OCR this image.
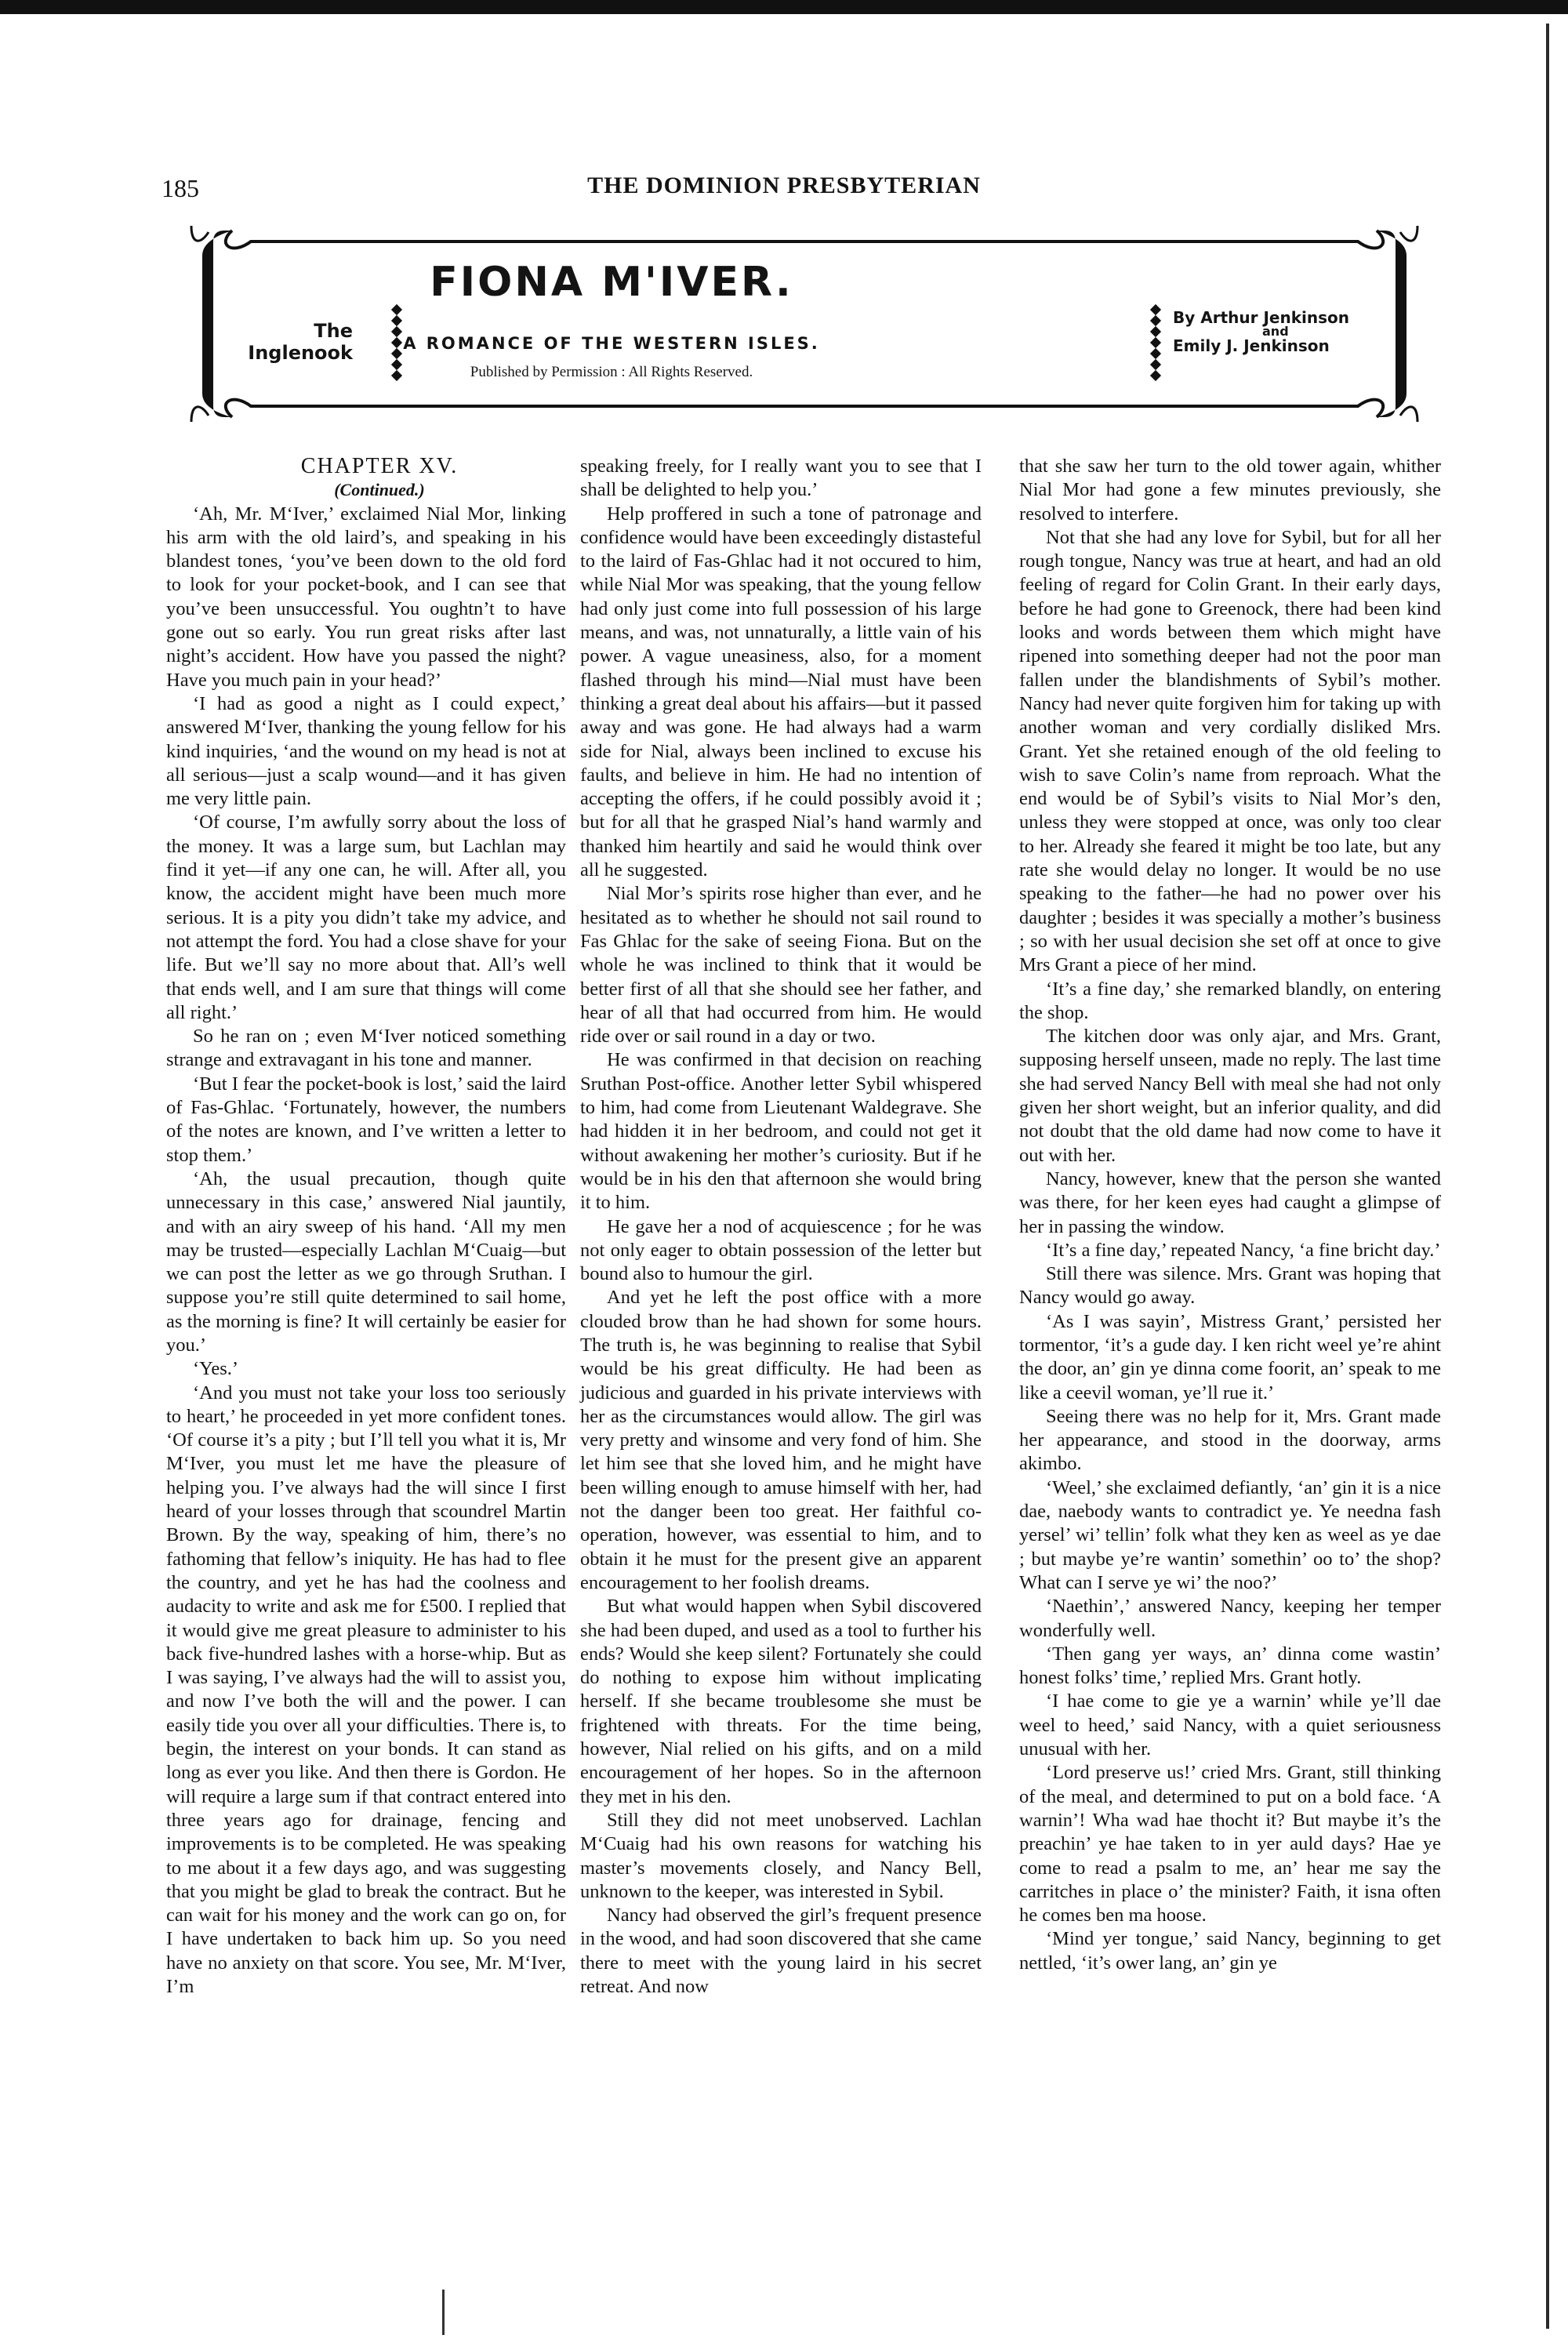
185	THE DOMINION PRESBYTERIAN
The
Inglenook
FIONA M'IVER.
A ROMANCE OF THE WESTERN ISLES.
Published by Permission : All Rights Reserved.
By Arthur Jenkinson
and
Emily J. Jenkinson

CHAPTER XV.

(Continued.)

‘Ah, Mr. M‘Iver,’ exclaimed Nial Mor, linking his arm with the old laird’s, and speaking in his blandest tones, ‘you’ve been down to the old ford to look for your pocket-book, and I can see that you’ve been unsuccessful. You oughtn’t to have gone out so early. You run great risks after last night’s accident. How have you passed the night? Have you much pain in your head?’

‘I had as good a night as I could expect,’ answered M‘Iver, thanking the young fellow for his kind inquiries, ‘and the wound on my head is not at all serious—just a scalp wound—and it has given me very little pain.

‘Of course, I’m awfully sorry about the loss of the money. It was a large sum, but Lachlan may find it yet—if any one can, he will. After all, you know, the accident might have been much more serious. It is a pity you didn’t take my advice, and not attempt the ford. You had a close shave for your life. But we’ll say no more about that. All’s well that ends well, and I am sure that things will come all right.’

So he ran on ; even M‘Iver noticed something strange and extravagant in his tone and manner.

‘But I fear the pocket-book is lost,’ said the laird of Fas-Ghlac. ‘Fortunately, however, the numbers of the notes are known, and I’ve written a letter to stop them.’

‘Ah, the usual precaution, though quite unnecessary in this case,’ answered Nial jauntily, and with an airy sweep of his hand. ‘All my men may be trusted—especially Lachlan M‘Cuaig—but we can post the letter as we go through Sruthan. I suppose you’re still quite determined to sail home, as the morning is fine? It will certainly be easier for you.’

‘Yes.’

‘And you must not take your loss too seriously to heart,’ he proceeded in yet more confident tones. ‘Of course it’s a pity ; but I’ll tell you what it is, Mr M‘Iver, you must let me have the pleasure of helping you. I’ve always had the will since I first heard of your losses through that scoundrel Martin Brown. By the way, speaking of him, there’s no fathoming that fellow’s iniquity. He has had to flee the country, and yet he has had the coolness and audacity to write and ask me for £500. I replied that it would give me great pleasure to administer to his back five-hundred lashes with a horse-whip. But as I was saying, I’ve always had the will to assist you, and now I’ve both the will and the power. I can easily tide you over all your difficulties. There is, to begin, the interest on your bonds. It can stand as long as ever you like. And then there is Gordon. He will require a large sum if that contract entered into three years ago for drainage, fencing and improvements is to be completed. He was speaking to me about it a few days ago, and was suggesting that you might be glad to break the contract. But he can wait for his money and the work can go on, for I have undertaken to back him up. So you need have no anxiety on that score. You see, Mr. M‘Iver, I’m

speaking freely, for I really want you to see that I shall be delighted to help you.’

Help proffered in such a tone of patronage and confidence would have been exceedingly distasteful to the laird of Fas-Ghlac had it not occured to him, while Nial Mor was speaking, that the young fellow had only just come into full possession of his large means, and was, not unnaturally, a little vain of his power. A vague uneasiness, also, for a moment flashed through his mind—Nial must have been thinking a great deal about his affairs—but it passed away and was gone. He had always had a warm side for Nial, always been inclined to excuse his faults, and believe in him. He had no intention of accepting the offers, if he could possibly avoid it ; but for all that he grasped Nial’s hand warmly and thanked him heartily and said he would think over all he suggested.

Nial Mor’s spirits rose higher than ever, and he hesitated as to whether he should not sail round to Fas Ghlac for the sake of seeing Fiona. But on the whole he was inclined to think that it would be better first of all that she should see her father, and hear of all that had occurred from him. He would ride over or sail round in a day or two.

He was confirmed in that decision on reaching Sruthan Post-office. Another letter Sybil whispered to him, had come from Lieutenant Waldegrave. She had hidden it in her bedroom, and could not get it without awakening her mother’s curiosity. But if he would be in his den that afternoon she would bring it to him.

He gave her a nod of acquiescence ; for he was not only eager to obtain possession of the letter but bound also to humour the girl.

And yet he left the post office with a more clouded brow than he had shown for some hours. The truth is, he was beginning to realise that Sybil would be his great difficulty. He had been as judicious and guarded in his private interviews with her as the circumstances would allow. The girl was very pretty and winsome and very fond of him. She let him see that she loved him, and he might have been willing enough to amuse himself with her, had not the danger been too great. Her faithful co-operation, however, was essential to him, and to obtain it he must for the present give an apparent encouragement to her foolish dreams.

But what would happen when Sybil discovered she had been duped, and used as a tool to further his ends? Would she keep silent? Fortunately she could do nothing to expose him without implicating herself. If she became troublesome she must be frightened with threats. For the time being, however, Nial relied on his gifts, and on a mild encouragement of her hopes. So in the afternoon they met in his den.

Still they did not meet unobserved. Lachlan M‘Cuaig had his own reasons for watching his master’s movements closely, and Nancy Bell, unknown to the keeper, was interested in Sybil.

Nancy had observed the girl’s frequent presence in the wood, and had soon discovered that she came there to meet with the young laird in his secret retreat. And now

that she saw her turn to the old tower again, whither Nial Mor had gone a few minutes previously, she resolved to interfere.

Not that she had any love for Sybil, but for all her rough tongue, Nancy was true at heart, and had an old feeling of regard for Colin Grant. In their early days, before he had gone to Greenock, there had been kind looks and words between them which might have ripened into something deeper had not the poor man fallen under the blandishments of Sybil’s mother. Nancy had never quite forgiven him for taking up with another woman and very cordially disliked Mrs. Grant. Yet she retained enough of the old feeling to wish to save Colin’s name from reproach. What the end would be of Sybil’s visits to Nial Mor’s den, unless they were stopped at once, was only too clear to her. Already she feared it might be too late, but any rate she would delay no longer. It would be no use speaking to the father—he had no power over his daughter ; besides it was specially a mother’s business ; so with her usual decision she set off at once to give Mrs Grant a piece of her mind.

‘It’s a fine day,’ she remarked blandly, on entering the shop.

The kitchen door was only ajar, and Mrs. Grant, supposing herself unseen, made no reply. The last time she had served Nancy Bell with meal she had not only given her short weight, but an inferior quality, and did not doubt that the old dame had now come to have it out with her.

Nancy, however, knew that the person she wanted was there, for her keen eyes had caught a glimpse of her in passing the window.

‘It’s a fine day,’ repeated Nancy, ‘a fine bricht day.’

Still there was silence. Mrs. Grant was hoping that Nancy would go away.

‘As I was sayin’, Mistress Grant,’ persisted her tormentor, ‘it’s a gude day. I ken richt weel ye’re ahint the door, an’ gin ye dinna come foorit, an’ speak to me like a ceevil woman, ye’ll rue it.’

Seeing there was no help for it, Mrs. Grant made her appearance, and stood in the doorway, arms akimbo.

‘Weel,’ she exclaimed defiantly, ‘an’ gin it is a nice dae, naebody wants to contradict ye. Ye needna fash yersel’ wi’ tellin’ folk what they ken as weel as ye dae ; but maybe ye’re wantin’ somethin’ oo to’ the shop? What can I serve ye wi’ the noo?’

‘Naethin’,’ answered Nancy, keeping her temper wonderfully well.

‘Then gang yer ways, an’ dinna come wastin’ honest folks’ time,’ replied Mrs. Grant hotly.

‘I hae come to gie ye a warnin’ while ye’ll dae weel to heed,’ said Nancy, with a quiet seriousness unusual with her.

‘Lord preserve us!’ cried Mrs. Grant, still thinking of the meal, and determined to put on a bold face. ‘A warnin’! Wha wad hae thocht it? But maybe it’s the preachin’ ye hae taken to in yer auld days? Hae ye come to read a psalm to me, an’ hear me say the carritches in place o’ the minister? Faith, it isna often he comes ben ma hoose.

‘Mind yer tongue,’ said Nancy, beginning to get nettled, ‘it’s ower lang, an’ gin ye
